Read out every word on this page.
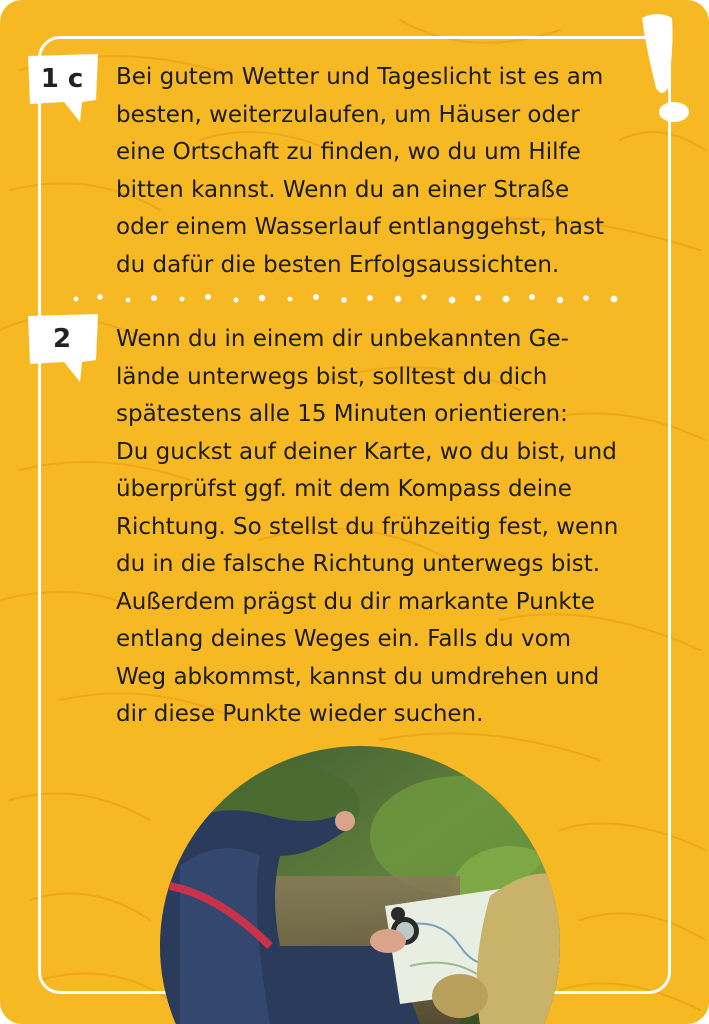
1 c	Bei gutem Wetter und Tageslicht ist es am
besten, weiterzulaufen, um Häuser oder
eine Ortschaft zu finden, wo du um Hilfe
bitten kannst. Wenn du an einer Straße
oder einem Wasserlauf entlanggehst, hast
du dafür die besten Erfolgsaussichten.
2	Wenn du in einem dir unbekannten Ge-
lände unterwegs bist, solltest du dich
spätestens alle 15 Minuten orientieren:
Du guckst auf deiner Karte, wo du bist, und
überprüfst ggf. mit dem Kompass deine
Richtung. So stellst du frühzeitig fest, wenn
du in die falsche Richtung unterwegs bist.
Außerdem prägst du dir markante Punkte
entlang deines Weges ein. Falls du vom
Weg abkommst, kannst du umdrehen und
dir diese Punkte wieder suchen.
